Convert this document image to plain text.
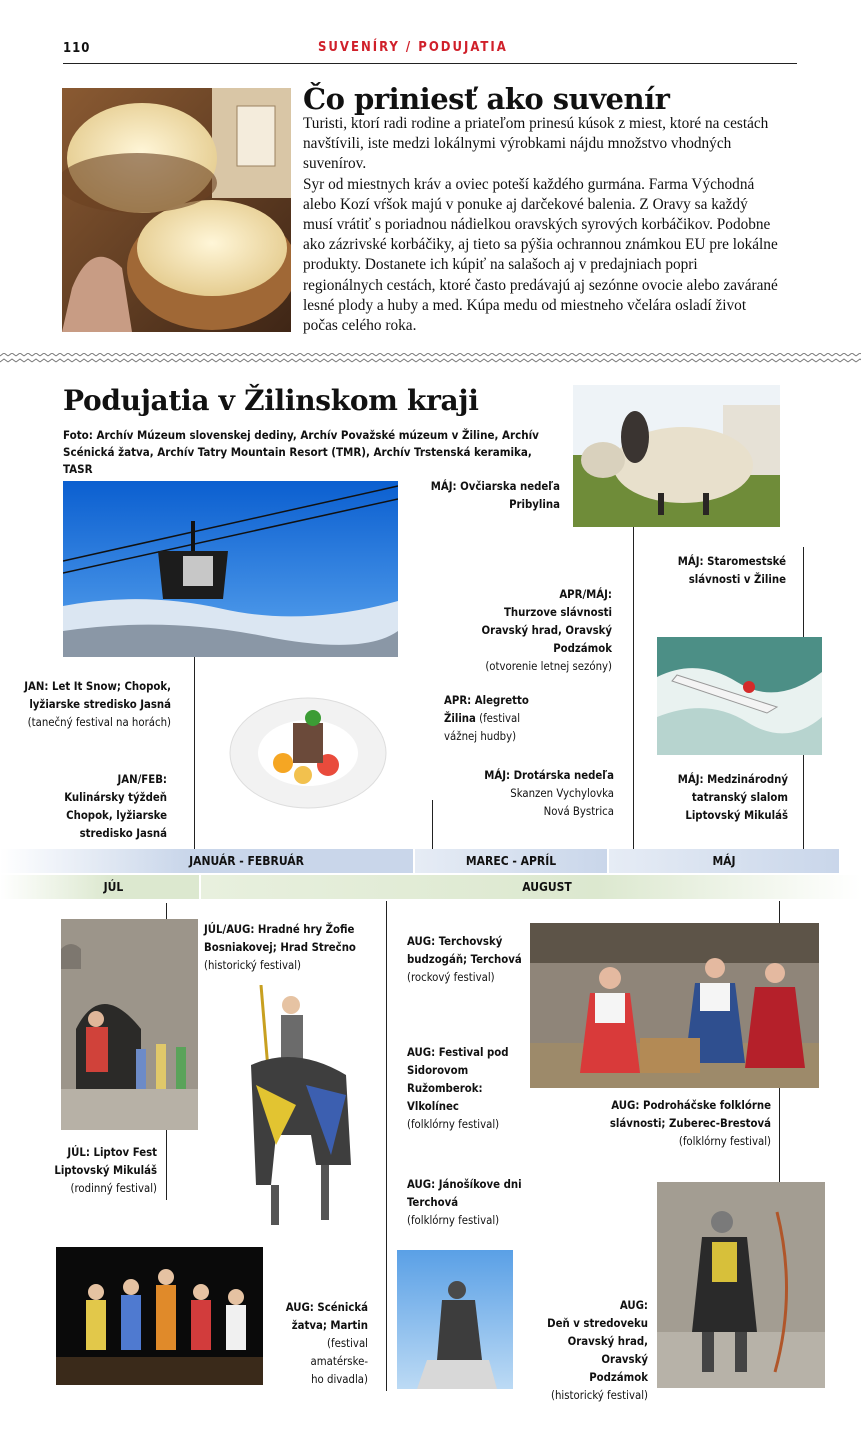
110	SUVENÍRY / PODUJATIA
Čo priniesť ako suvenír

Turisti, ktorí radi rodine a priateľom prinesú kúsok z miest, ktoré na cestách navštívili, iste medzi lokálnymi výrobkami nájdu množstvo vhodných suvenírov.

Syr od miestnych kráv a oviec poteší každého gurmána. Farma Východná alebo Kozí vŕšok majú v ponuke aj darčekové balenia. Z Oravy sa každý musí vrátiť s poriadnou nádielkou oravských syrových korbáčikov. Podobne ako zázrivské korbáčiky, aj tieto sa pýšia ochrannou známkou EU pre lokálne produkty. Dostanete ich kúpiť na salašoch aj v predajniach popri regionálnych cestách, ktoré často predávajú aj sezónne ovocie alebo zavárané lesné plody a huby a med. Kúpa medu od miestneho včelára osladí život počas celého roka.

Podujatia v Žilinskom kraji
Foto: Archív Múzeum slovenskej dediny, Archív Považské múzeum v Žiline, Archív Scénická žatva, Archív Tatry Mountain Resort (TMR), Archív Trstenská keramika, TASR
MÁJ: Ovčiarska nedeľa
Pribylina
MÁJ: Staromestské
slávnosti v Žiline
APR/MÁJ:
Thurzove slávnosti
Oravský hrad, Oravský Podzámok
(otvorenie letnej sezóny)
JAN: Let It Snow; Chopok,
lyžiarske stredisko Jasná
(tanečný festival na horách)
APR: Alegretto
Žilina (festival
vážnej hudby)
JAN/FEB:
Kulinársky týždeň
Chopok, lyžiarske stredisko Jasná
MÁJ: Drotárska nedeľa
Skanzen Vychylovka
Nová Bystrica
MÁJ: Medzinárodný
tatranský slalom
Liptovský Mikuláš
JANUÁR - FEBRUÁR	MAREC - APRÍL	MÁJ
JÚL	AUGUST
JÚL/AUG: Hradné hry Žofie
Bosniakovej; Hrad Strečno
(historický festival)
AUG: Terchovský
budzogáň; Terchová
(rockový festival)
AUG: Festival pod
Sidorovom
Ružomberok: Vlkolínec
(folklórny festival)
AUG: Podroháčske folklórne
slávnosti; Zuberec-Brestová
(folklórny festival)
JÚL: Liptov Fest
Liptovský Mikuláš
(rodinný festival)	AUG: Jánošíkove dni
Terchová
(folklórny festival)
AUG: Scénická
žatva; Martin
(festival amatérske-
ho divadla)
AUG:
Deň v stredoveku
Oravský hrad,
Oravský Podzámok
(historický festival)
